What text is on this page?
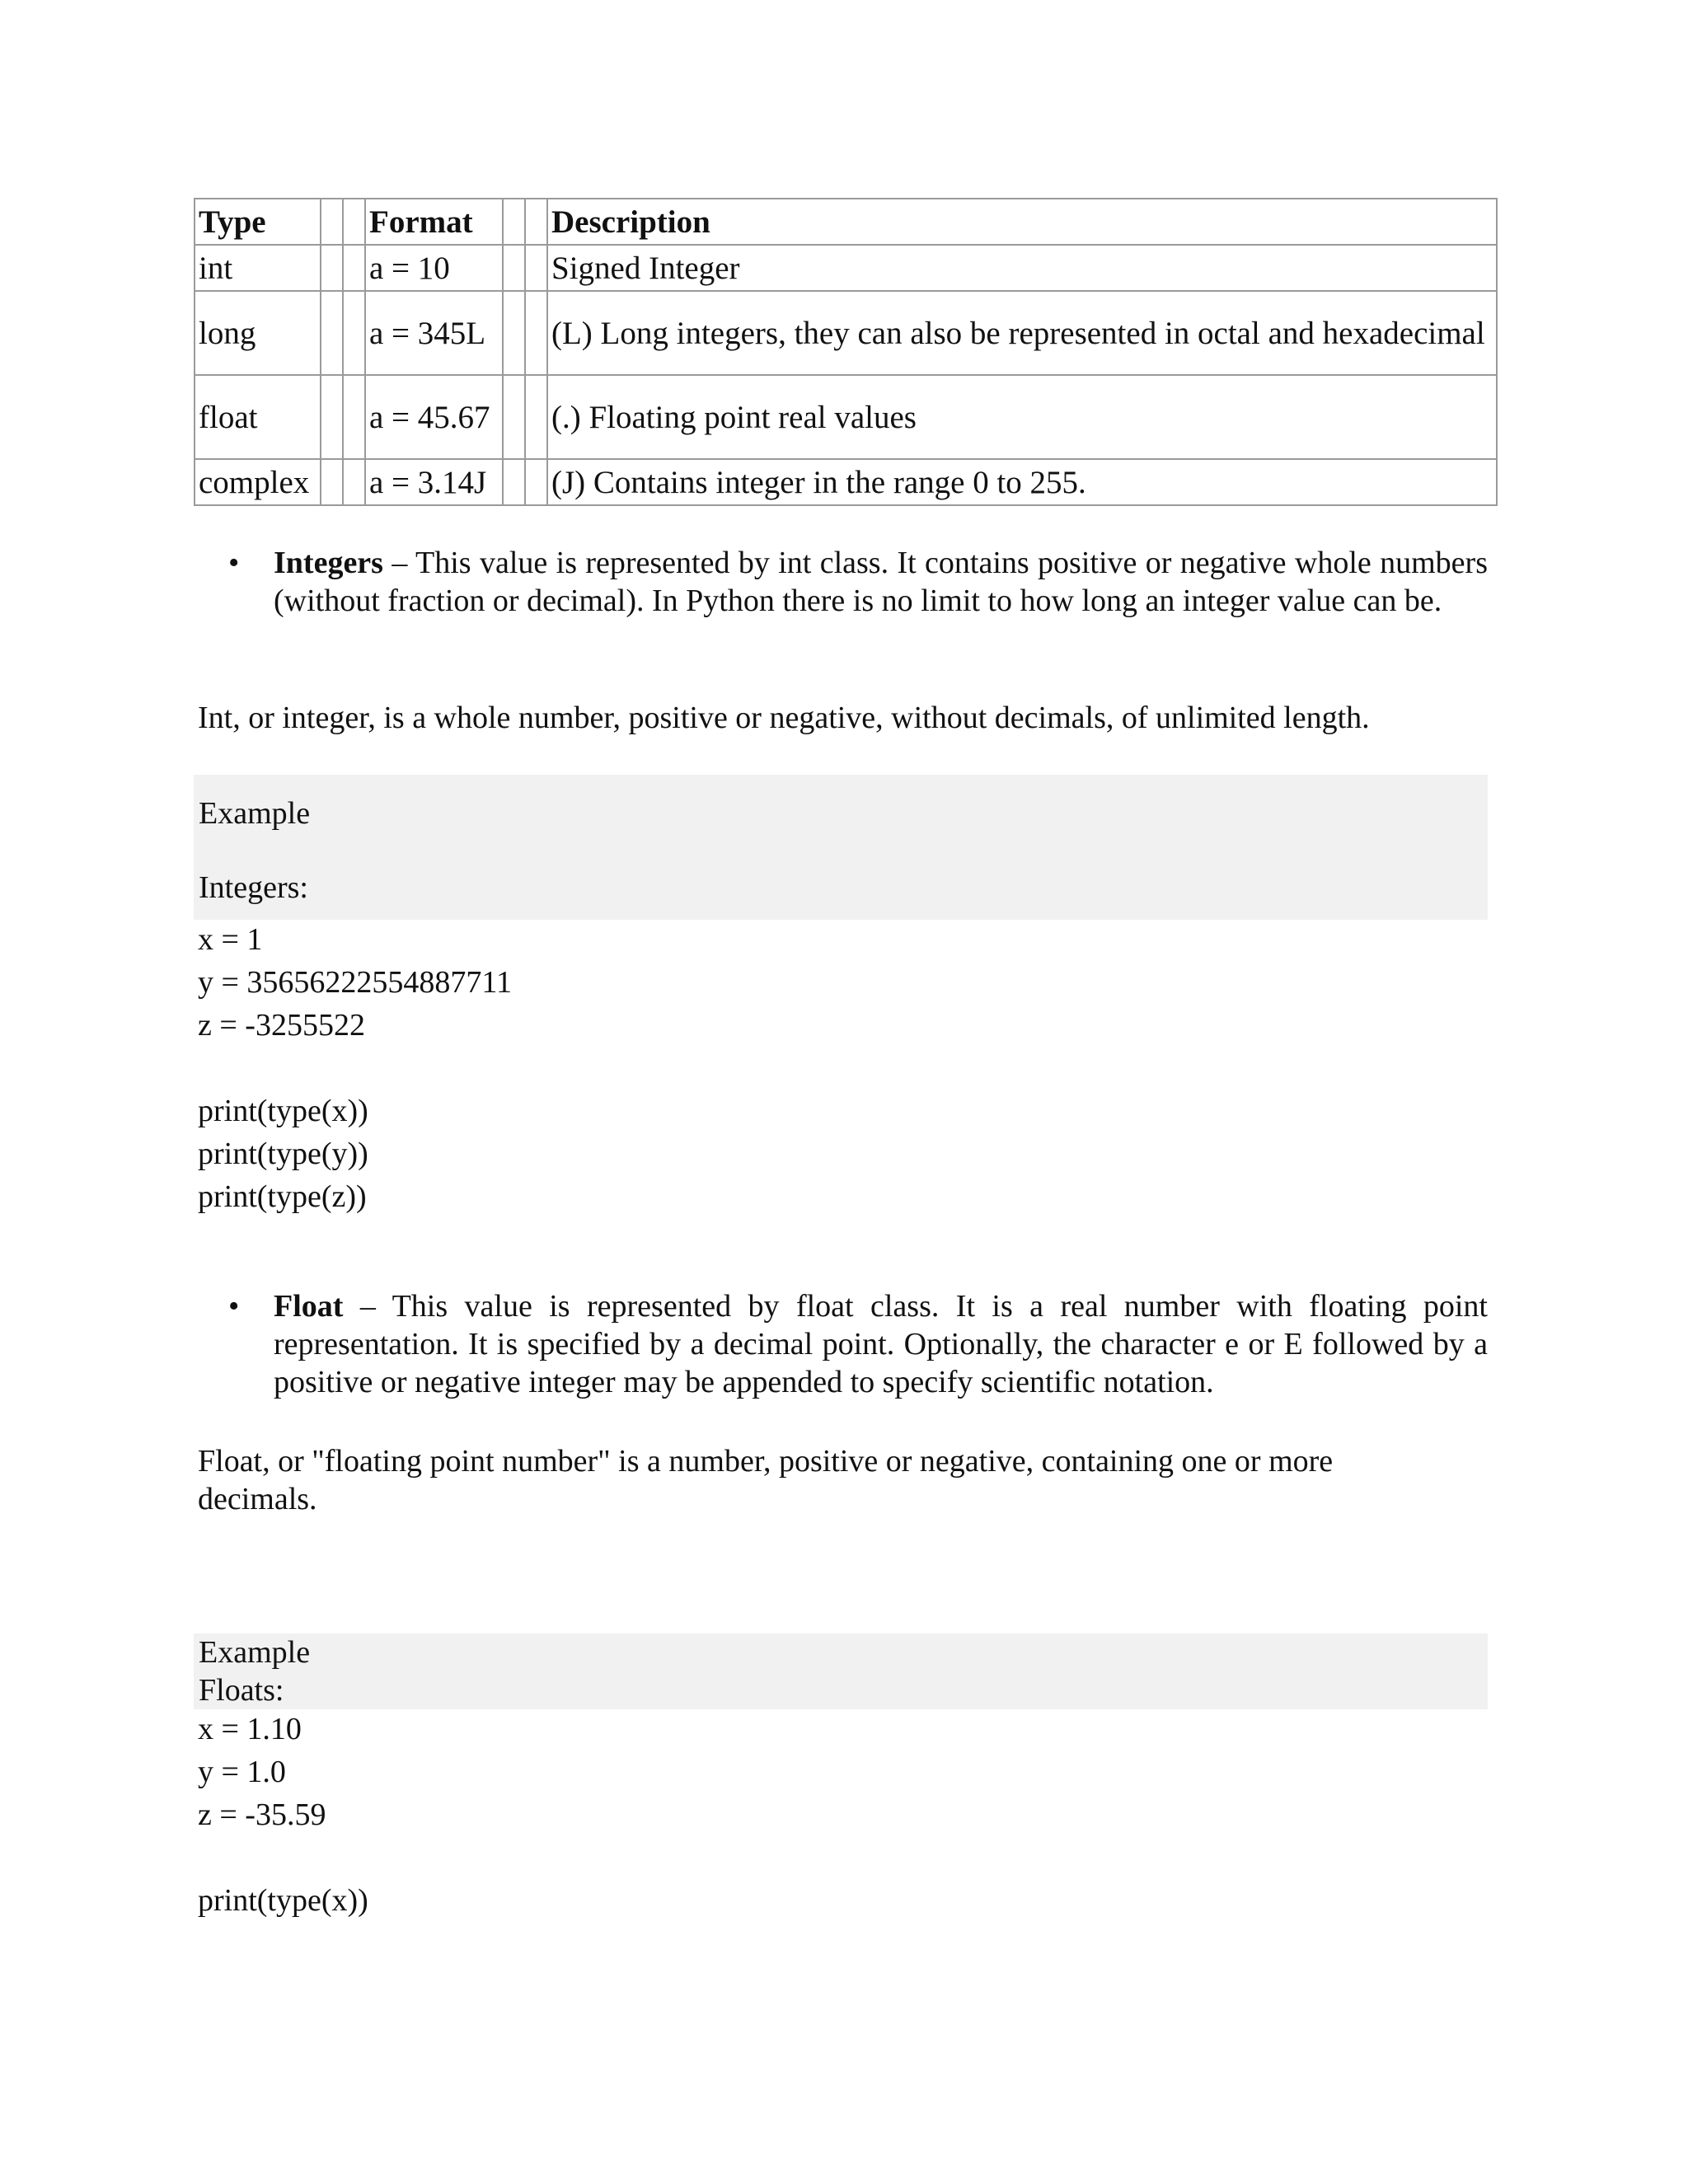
Type			Format			Description
int			a = 10			Signed Integer
long			a = 345L			(L) Long integers, they can also be represented in octal and hexadecimal
float			a = 45.67			(.) Floating point real values
complex			a = 3.14J			(J) Contains integer in the range 0 to 255.
• Integers – This value is represented by int class. It contains positive or negative whole numbers (without fraction or decimal). In Python there is no limit to how long an integer value can be.
Int, or integer, is a whole number, positive or negative, without decimals, of unlimited length.
Example
Integers:
x = 1
y = 35656222554887711
z = -3255522
print(type(x))
print(type(y))
print(type(z))
• Float – This value is represented by float class. It is a real number with floating point representation. It is specified by a decimal point. Optionally, the character e or E followed by a positive or negative integer may be appended to specify scientific notation.
Float, or "floating point number" is a number, positive or negative, containing one or more decimals.
Example
Floats:
x = 1.10
y = 1.0
z = -35.59
print(type(x))
